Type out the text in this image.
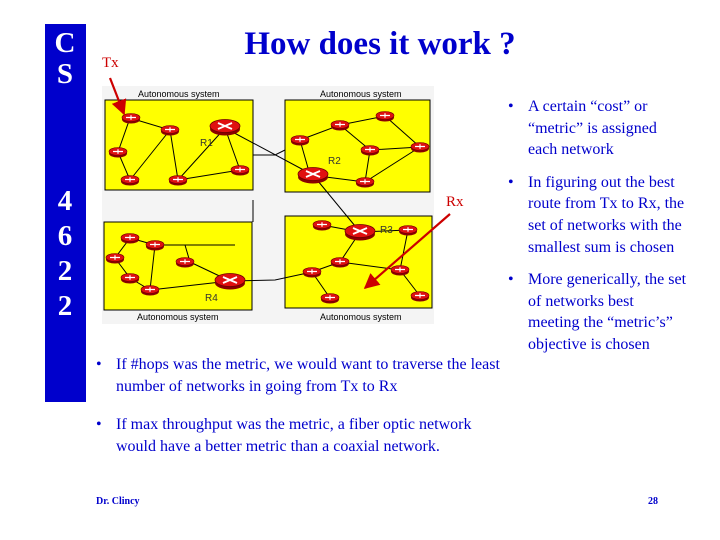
C
S
4
6
2
2
How does it work ?
Autonomous system	Autonomous system
Autonomous system	Autonomous system
R1
R2
R3
R4
Tx
Rx
• A certain “cost” or “metric” is assigned each network
• In figuring out the best route from Tx to Rx, the set of networks with the smallest sum is chosen
• More generically, the set of networks best meeting the “metric’s” objective is chosen
• If #hops was the metric, we would want to traverse the least number of networks in going from Tx to Rx
• If max throughput was the metric, a fiber optic network would have a better metric than a coaxial network.
Dr. Clincy	28
